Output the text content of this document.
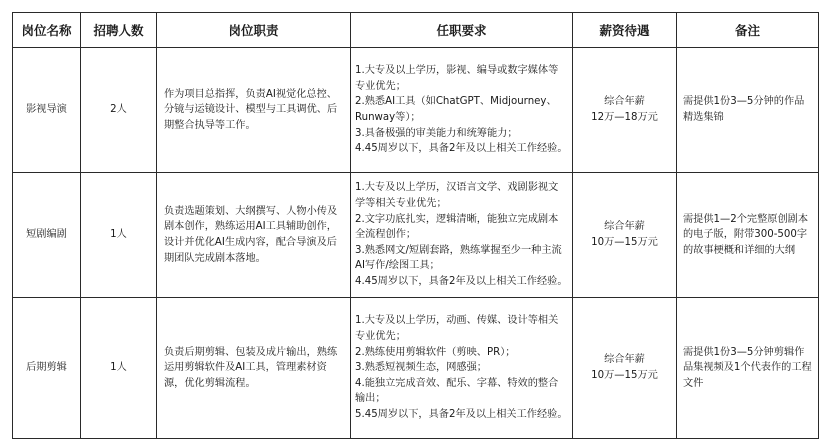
岗位名称	招聘人数	岗位职责	任职要求	薪资待遇	备注
影视导演	2人	作为项目总指挥，负责AI视觉化总控、分镜与运镜设计、模型与工具调优、后期整合执导等工作。	1.大专及以上学历，影视、编导或数字媒体等专业优先；
2.熟悉AI工具（如ChatGPT、Midjourney、Runway等）；
3.具备极强的审美能力和统筹能力；
4.45周岁以下，具备2年及以上相关工作经验。	综合年薪
12万—18万元	需提供1份3—5分钟的作品精选集锦
短剧编剧	1人	负责选题策划、大纲撰写、人物小传及剧本创作，熟练运用AI工具辅助创作，设计并优化AI生成内容，配合导演及后期团队完成剧本落地。	1.大专及以上学历，汉语言文学、戏剧影视文学等相关专业优先；
2.文字功底扎实，逻辑清晰，能独立完成剧本全流程创作；
3.熟悉网文/短剧套路，熟练掌握至少一种主流AI写作/绘图工具；
4.45周岁以下，具备2年及以上相关工作经验。	综合年薪
10万—15万元	需提供1—2个完整原创剧本的电子版，附带300-500字的故事梗概和详细的大纲
后期剪辑	1人	负责后期剪辑、包装及成片输出，熟练运用剪辑软件及AI工具，管理素材资源，优化剪辑流程。	1.大专及以上学历，动画、传媒、设计等相关专业优先；
2.熟练使用剪辑软件（剪映、PR）；
3.熟悉短视频生态，网感强；
4.能独立完成音效、配乐、字幕、特效的整合输出；
5.45周岁以下，具备2年及以上相关工作经验。	综合年薪
10万—15万元	需提供1份3—5分钟剪辑作品集视频及1个代表作的工程文件
